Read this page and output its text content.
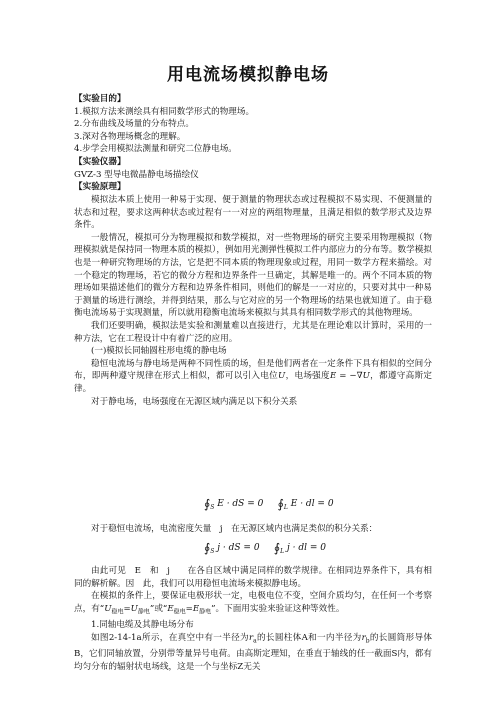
用电流场模拟静电场
【实验目的】
1.模拟方法来测绘具有相同数学形式的物理场。
2.分布曲线及场量的分布特点。
3.深对各物理场概念的理解。
4.步学会用模拟法测量和研究二位静电场。
【实验仪器】
GVZ-3 型导电微晶静电场描绘仪
【实验原理】
模拟法本质上使用一种易于实现、便于测量的物理状态或过程模拟不易实现、不便测量的状态和过程，要求这两种状态或过程有一一对应的两组物理量，且满足相似的数学形式及边界条件。
一般情况，模拟可分为物理模拟和数学模拟，对一些物理场的研究主要采用物理模拟（物理模拟就是保持同一物理本质的模拟），例如用光测弹性模拟工件内部应力的分布等。数学模拟也是一种研究物理场的方法，它是把不同本质的物理现象或过程，用同一数学方程来描绘。对一个稳定的物理场，若它的微分方程和边界条件一旦确定，其解是唯一的。两个不同本质的物理场如果描述他们的微分方程和边界条件相同，则他们的解是一一对应的，只要对其中一种易于测量的场进行测绘，并得到结果，那么与它对应的另一个物理场的结果也就知道了。由于稳衡电流场易于实现测量，所以就用稳衡电流场来模拟与其具有相同数学形式的其他物理场。
我们还要明确，模拟法是实验和测量难以直接进行，尤其是在理论难以计算时，采用的一种方法，它在工程设计中有着广泛的应用。
(一)模拟长同轴圆柱形电缆的静电场
稳恒电流场与静电场是两种不同性质的场，但是他们两者在一定条件下具有相似的空间分布，即两种遵守规律在形式上相似，都可以引入电位U，电场强度E = −∇U，都遵守高斯定律。
对于静电场，电场强度在无源区域内满足以下积分关系
$∮_S$ E · dS = 0 $∮_L$ E · dl = 0
对于稳恒电流场，电流密度矢量　j　在无源区域内也满足类似的积分关系：
$∮_S$ j · dS = 0 $∮_L$ j · dl = 0
由此可见　E　和　j　　在各自区域中满足同样的数学规律。在相同边界条件下，具有相同的解析解。因　此，我们可以用稳恒电流场来模拟静电场。
在模拟的条件上，要保证电极形状一定，电极电位不变，空间介质均匀，在任何一个考察点，有“$U_{稳电}=U_{静电}$”或“$E_{稳电}=E_{静电}$”。下面用实验来验证这种等效性。
1.同轴电缆及其静电场分布
如图2-14-1a所示，在真空中有一半径为$r_a$的长圆柱体A和一内半径为$r_b$的长圆筒形导体B，它们同轴放置，分别带等量异号电荷。由高斯定理知，在垂直于轴线的任一截面S内，都有均匀分布的辐射状电场线，这是一个与坐标Z无关
